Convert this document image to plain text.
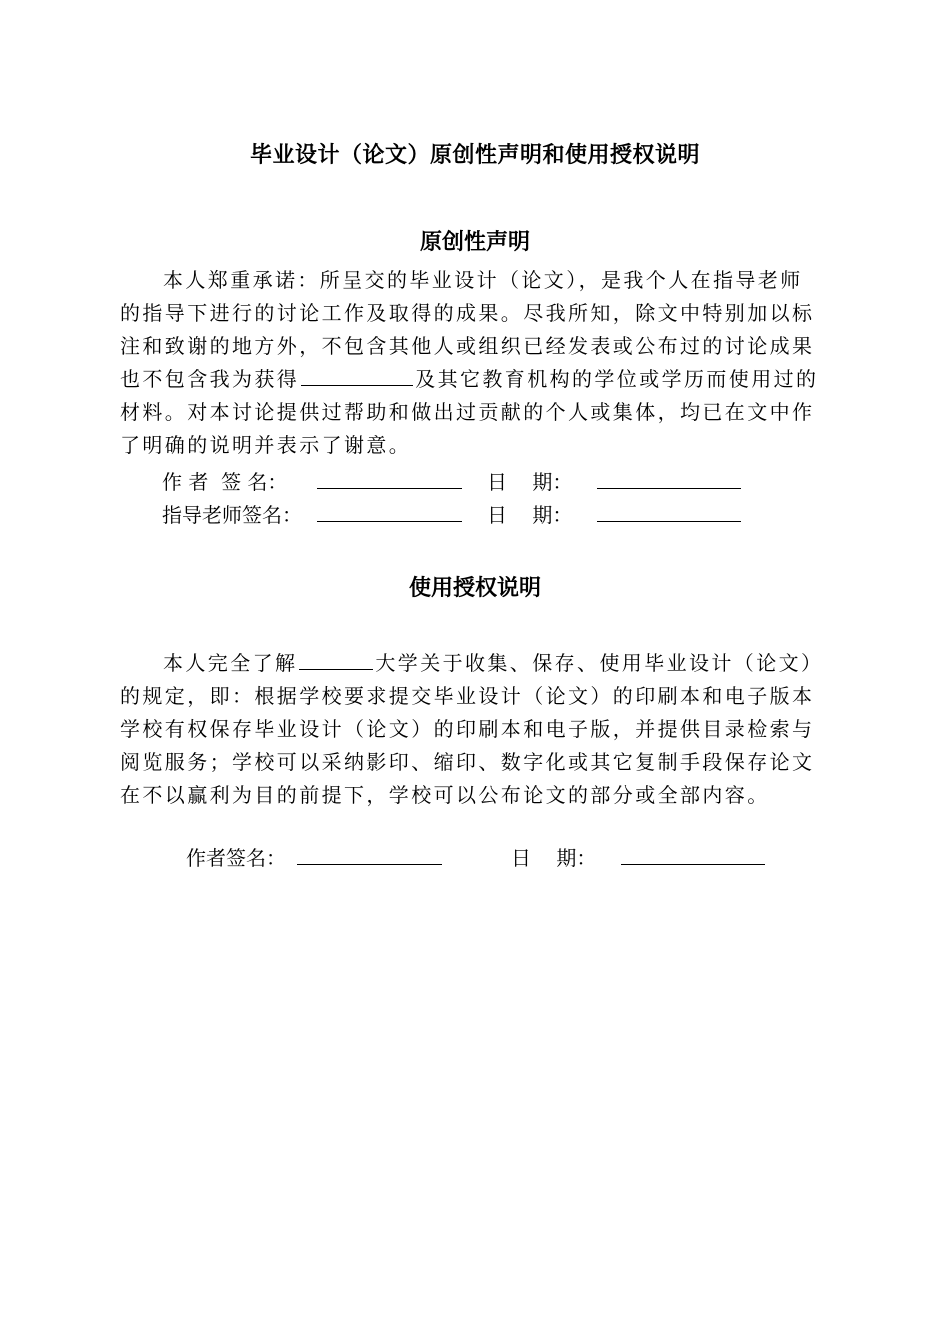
毕业设计（论文）原创性声明和使用授权说明
原创性声明
本人郑重承诺：所呈交的毕业设计（论文），是我个人在指导老师
的指导下进行的讨论工作及取得的成果。尽我所知，除文中特别加以标
注和致谢的地方外，不包含其他人或组织已经发表或公布过的讨论成果
也不包含我为获得	及其它教育机构的学位或学历而使用过的
材料。对本讨论提供过帮助和做出过贡献的个人或集体，均已在文中作
了明确的说明并表示了谢意。
作 者  签 名：	日    期：
指导老师签名：	日    期：
使用授权说明
本人完全了解	大学关于收集、保存、使用毕业设计（论文）
的规定，即：根据学校要求提交毕业设计（论文）的印刷本和电子版本
学校有权保存毕业设计（论文）的印刷本和电子版，并提供目录检索与
阅览服务；学校可以采纳影印、缩印、数字化或其它复制手段保存论文
在不以赢利为目的前提下，学校可以公布论文的部分或全部内容。
作者签名：	日    期：
